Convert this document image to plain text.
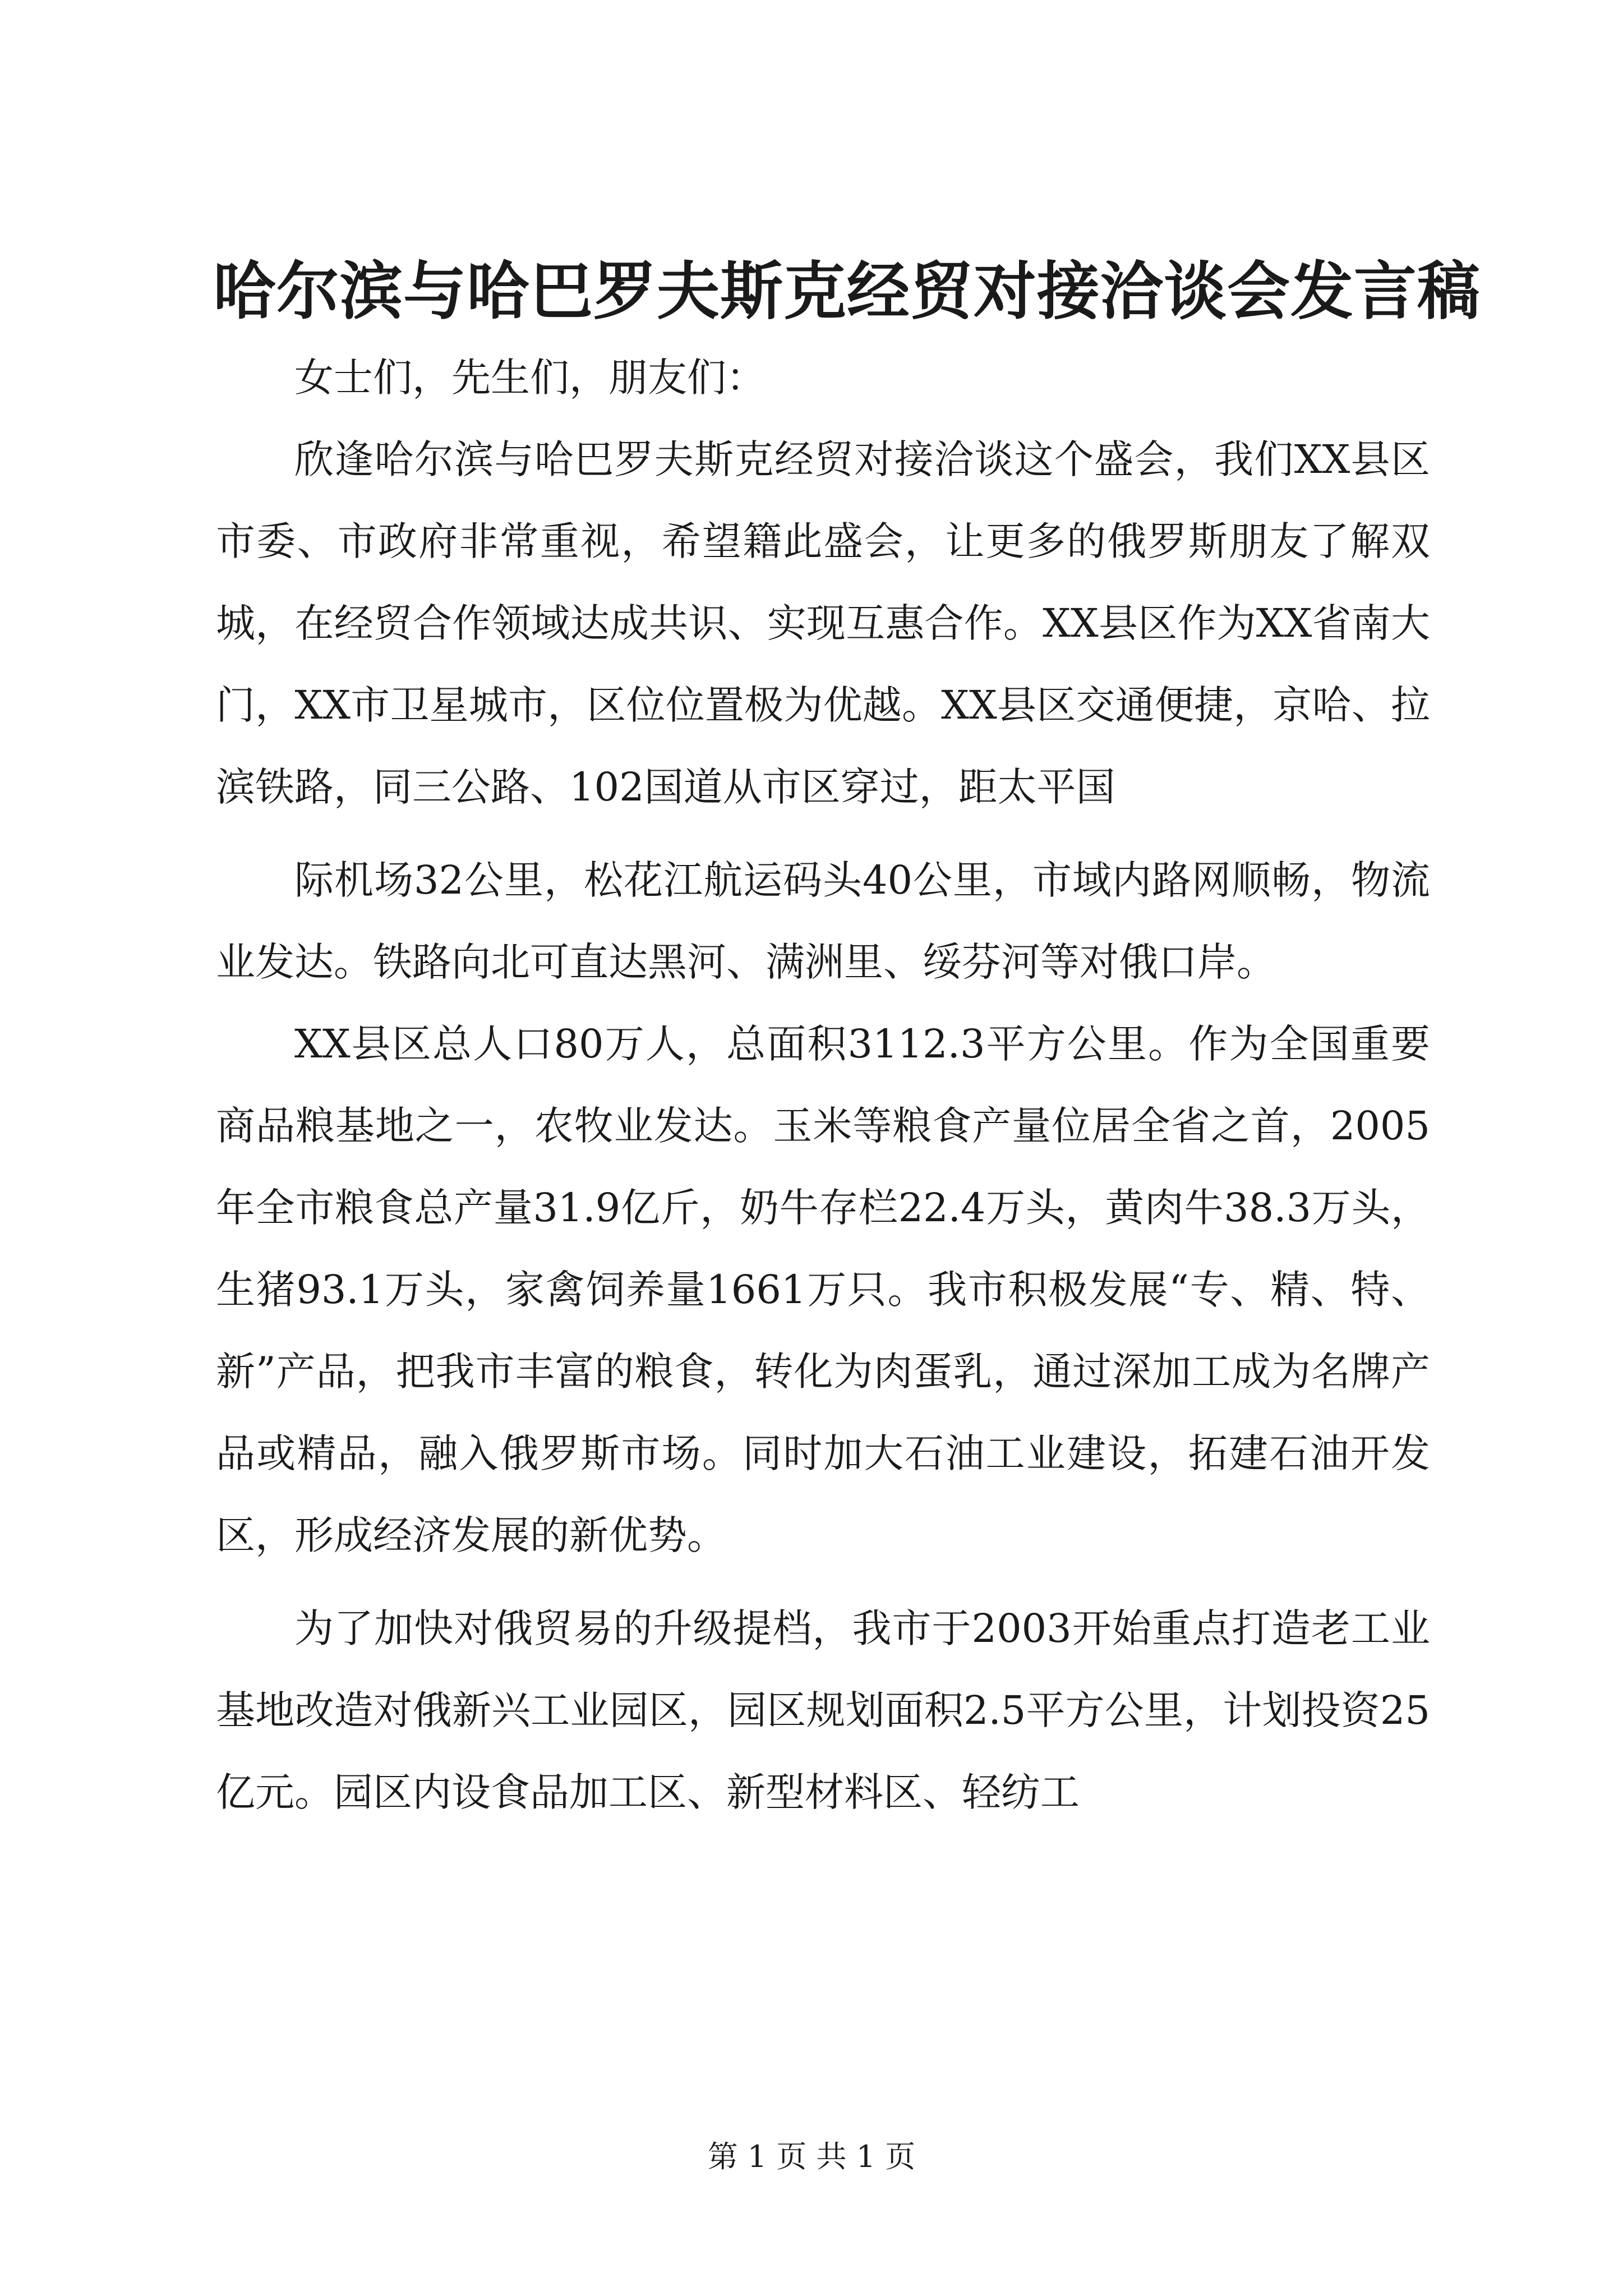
哈尔滨与哈巴罗夫斯克经贸对接洽谈会发言稿

女士们，先生们，朋友们：

欣逢哈尔滨与哈巴罗夫斯克经贸对接洽谈这个盛会，我们XX县区市委、市政府非常重视，希望籍此盛会，让更多的俄罗斯朋友了解双城，在经贸合作领域达成共识、实现互惠合作。XX县区作为XX省南大门，XX市卫星城市，区位位置极为优越。XX县区交通便捷，京哈、拉滨铁路，同三公路、102国道从市区穿过，距太平国

际机场32公里，松花江航运码头40公里，市域内路网顺畅，物流业发达。铁路向北可直达黑河、满洲里、绥芬河等对俄口岸。

XX县区总人口80万人，总面积3112.3平方公里。作为全国重要商品粮基地之一，农牧业发达。玉米等粮食产量位居全省之首，2005年全市粮食总产量31.9亿斤，奶牛存栏22.4万头，黄肉牛38.3万头，生猪93.1万头，家禽饲养量1661万只。我市积极发展“专、精、特、新”产品，把我市丰富的粮食，转化为肉蛋乳，通过深加工成为名牌产品或精品，融入俄罗斯市场。同时加大石油工业建设，拓建石油开发区，形成经济发展的新优势。

为了加快对俄贸易的升级提档，我市于2003开始重点打造老工业基地改造对俄新兴工业园区，园区规划面积2.5平方公里，计划投资25亿元。园区内设食品加工区、新型材料区、轻纺工

第 1 页 共 1 页
